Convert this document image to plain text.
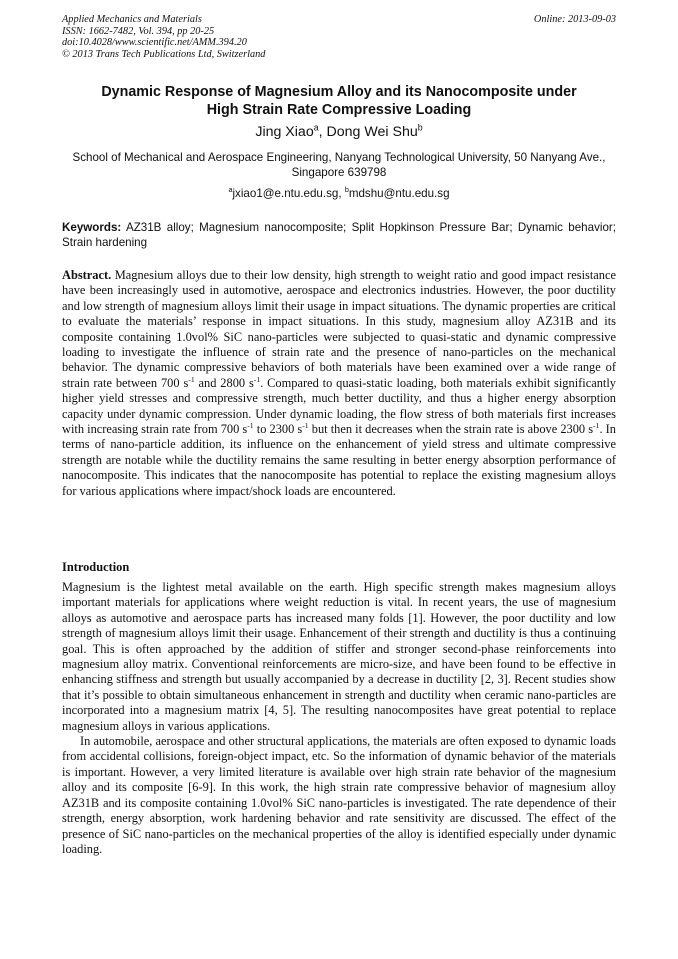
Applied Mechanics and Materials
ISSN: 1662-7482, Vol. 394, pp 20-25
doi:10.4028/www.scientific.net/AMM.394.20
© 2013 Trans Tech Publications Ltd, Switzerland
Online: 2013-09-03
Dynamic Response of Magnesium Alloy and its Nanocomposite under
High Strain Rate Compressive Loading
Jing Xiao$^a$, Dong Wei Shu$^b$
School of Mechanical and Aerospace Engineering, Nanyang Technological University, 50 Nanyang Ave., Singapore 639798
$^a$jxiao1@e.ntu.edu.sg, $^b$mdshu@ntu.edu.sg
Keywords: AZ31B alloy; Magnesium nanocomposite; Split Hopkinson Pressure Bar; Dynamic behavior; Strain hardening
Abstract. Magnesium alloys due to their low density, high strength to weight ratio and good impact resistance have been increasingly used in automotive, aerospace and electronics industries. However, the poor ductility and low strength of magnesium alloys limit their usage in impact situations. The dynamic properties are critical to evaluate the materials’ response in impact situations. In this study, magnesium alloy AZ31B and its composite containing 1.0vol% SiC nano-particles were subjected to quasi-static and dynamic compressive loading to investigate the influence of strain rate and the presence of nano-particles on the mechanical behavior. The dynamic compressive behaviors of both materials have been examined over a wide range of strain rate between 700 $s^{-1}$ and 2800 $s^{-1}$. Compared to quasi-static loading, both materials exhibit significantly higher yield stresses and compressive strength, much better ductility, and thus a higher energy absorption capacity under dynamic compression. Under dynamic loading, the flow stress of both materials first increases with increasing strain rate from 700 $s^{-1}$ to 2300 $s^{-1}$ but then it decreases when the strain rate is above 2300 $s^{-1}$. In terms of nano-particle addition, its influence on the enhancement of yield stress and ultimate compressive strength are notable while the ductility remains the same resulting in better energy absorption performance of nanocomposite. This indicates that the nanocomposite has potential to replace the existing magnesium alloys for various applications where impact/shock loads are encountered.
Introduction

Magnesium is the lightest metal available on the earth. High specific strength makes magnesium alloys important materials for applications where weight reduction is vital. In recent years, the use of magnesium alloys as automotive and aerospace parts has increased many folds [1]. However, the poor ductility and low strength of magnesium alloys limit their usage. Enhancement of their strength and ductility is thus a continuing goal. This is often approached by the addition of stiffer and stronger second-phase reinforcements into magnesium alloy matrix. Conventional reinforcements are micro-size, and have been found to be effective in enhancing stiffness and strength but usually accompanied by a decrease in ductility [2, 3]. Recent studies show that it’s possible to obtain simultaneous enhancement in strength and ductility when ceramic nano-particles are incorporated into a magnesium matrix [4, 5]. The resulting nanocomposites have great potential to replace magnesium alloys in various applications.

In automobile, aerospace and other structural applications, the materials are often exposed to dynamic loads from accidental collisions, foreign-object impact, etc. So the information of dynamic behavior of the materials is important. However, a very limited literature is available over high strain rate behavior of the magnesium alloy and its composite [6-9]. In this work, the high strain rate compressive behavior of magnesium alloy AZ31B and its composite containing 1.0vol% SiC nano-particles is investigated. The rate dependence of their strength, energy absorption, work hardening behavior and rate sensitivity are discussed. The effect of the presence of SiC nano-particles on the mechanical properties of the alloy is identified especially under dynamic loading.
